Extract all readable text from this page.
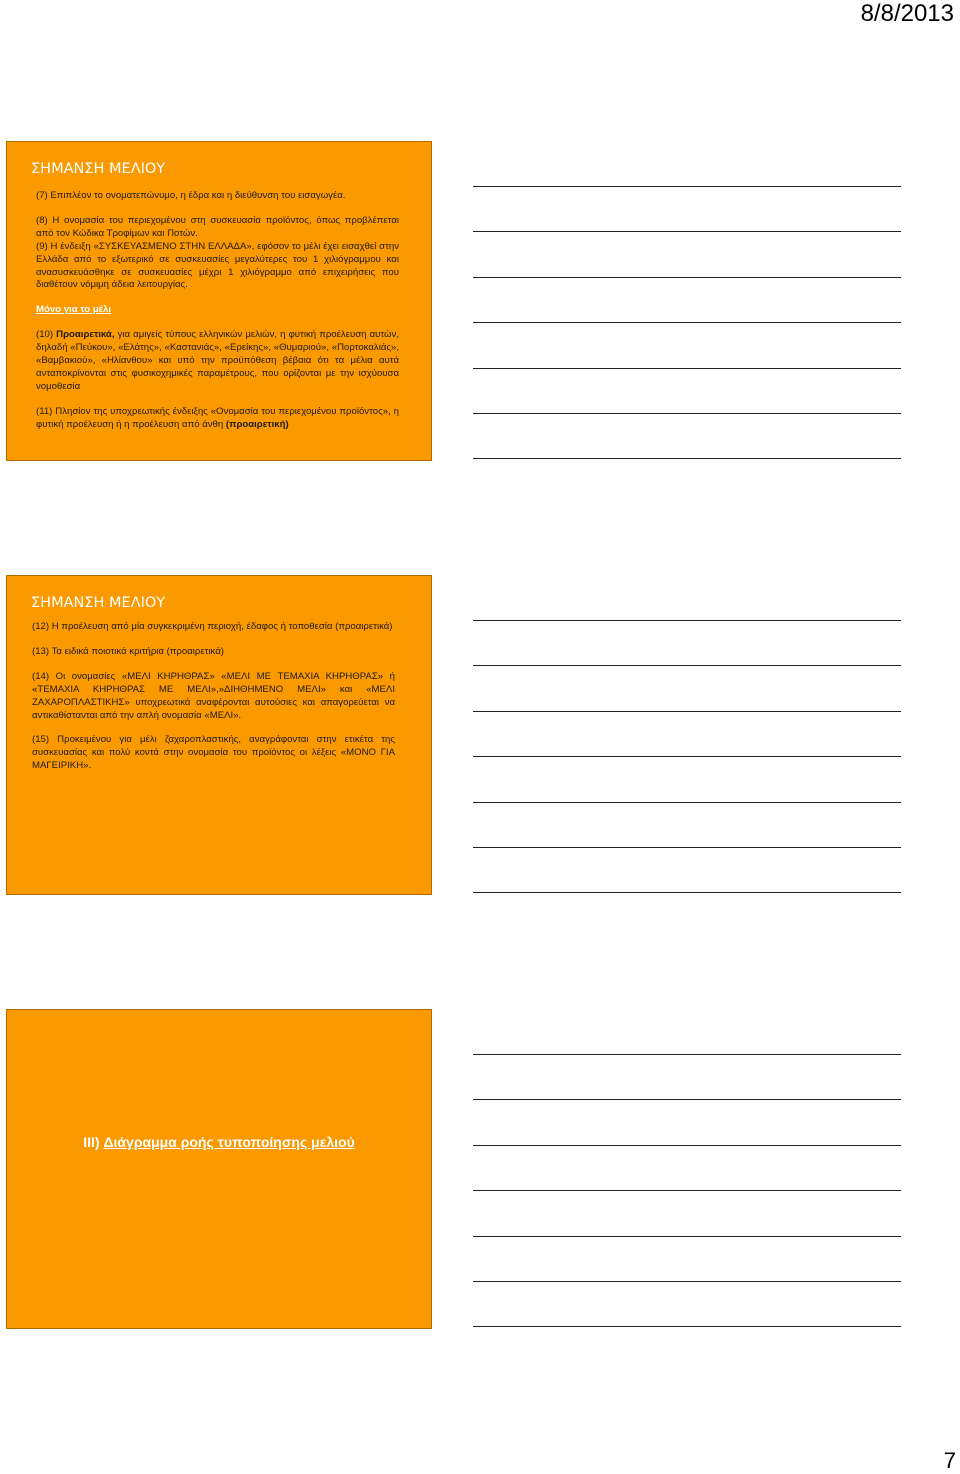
8/8/2013
ΣΗΜΑΝΣΗ ΜΕΛΙΟΥ

(7) Επιπλέον το ονοματεπώνυμο, η έδρα και η διεύθυνση του εισαγωγέα.

(8) Η ονομασία του περιεχομένου στη συσκευασία προϊόντος, όπως προβλέπεται από τον Κώδικα Τροφίμων και Ποτών.

(9) Η ένδειξη «ΣΥΣΚΕΥΑΣΜΕΝΟ ΣΤΗΝ ΕΛΛΑΔΑ», εφόσον το μέλι έχει εισαχθεί στην Ελλάδα από το εξωτερικό σε συσκευασίες μεγαλύτερες του 1 χιλιόγραμμου και ανασυσκευάσθηκε σε συσκευασίες μέχρι 1 χιλιόγραμμο από επιχειρήσεις που διαθέτουν νόμιμη άδεια λειτουργίας.

Μόνο για το μέλι

(10) Προαιρετικά, για αμιγείς τύπους ελληνικών μελιών, η φυτική προέλευση αυτών, δηλαδή «Πεύκου», «Ελάτης», «Καστανιάς», «Ερείκης», «Θυμαριού», «Πορτοκαλιάς», «Βαμβακιού», «Ηλίανθου» και υπό την προϋπόθεση βέβαια ότι τα μέλια αυτά ανταποκρίνονται στις φυσικοχημικές παραμέτρους, που ορίζονται με την ισχύουσα νομοθεσία

(11) Πλησίον της υποχρεωτικής ένδειξης «Ονομασία του περιεχομένου προϊόντος», η φυτική προέλευση ή η προέλευση από άνθη (προαιρετική)

ΣΗΜΑΝΣΗ ΜΕΛΙΟΥ

(12) Η προέλευση από μία συγκεκριμένη περιοχή, έδαφος ή τοποθεσία (προαιρετικά)

(13) Τα ειδικά ποιοτικά κριτήρια (προαιρετικά)

(14) Οι ονομασίες «ΜΕΛΙ ΚΗΡΗΘΡΑΣ» «ΜΕΛΙ ΜΕ ΤΕΜΑΧΙΑ ΚΗΡΗΘΡΑΣ» ή «ΤΕΜΑΧΙΑ ΚΗΡΗΘΡΑΣ ΜΕ ΜΕΛΙ»,»ΔΙΗΘΗΜΕΝΟ ΜΕΛΙ» και «ΜΕΛΙ ΖΑΧΑΡΟΠΛΑΣΤΙΚΗΣ» υποχρεωτικά αναφέρονται αυτούσιες και απαγορεύεται να αντικαθίστανται από την απλή ονομασία «ΜΕΛΙ».

(15) Προκειμένου για μέλι ζαχαροπλαστικής, αναγράφονται στην ετικέτα της συσκευασίας και πολύ κοντά στην ονομασία του προϊόντος οι λέξεις «ΜΟΝΟ ΓΙΑ ΜΑΓΕΙΡΙΚΗ».

III) Διάγραμμα ροής τυποποίησης μελιού
7
